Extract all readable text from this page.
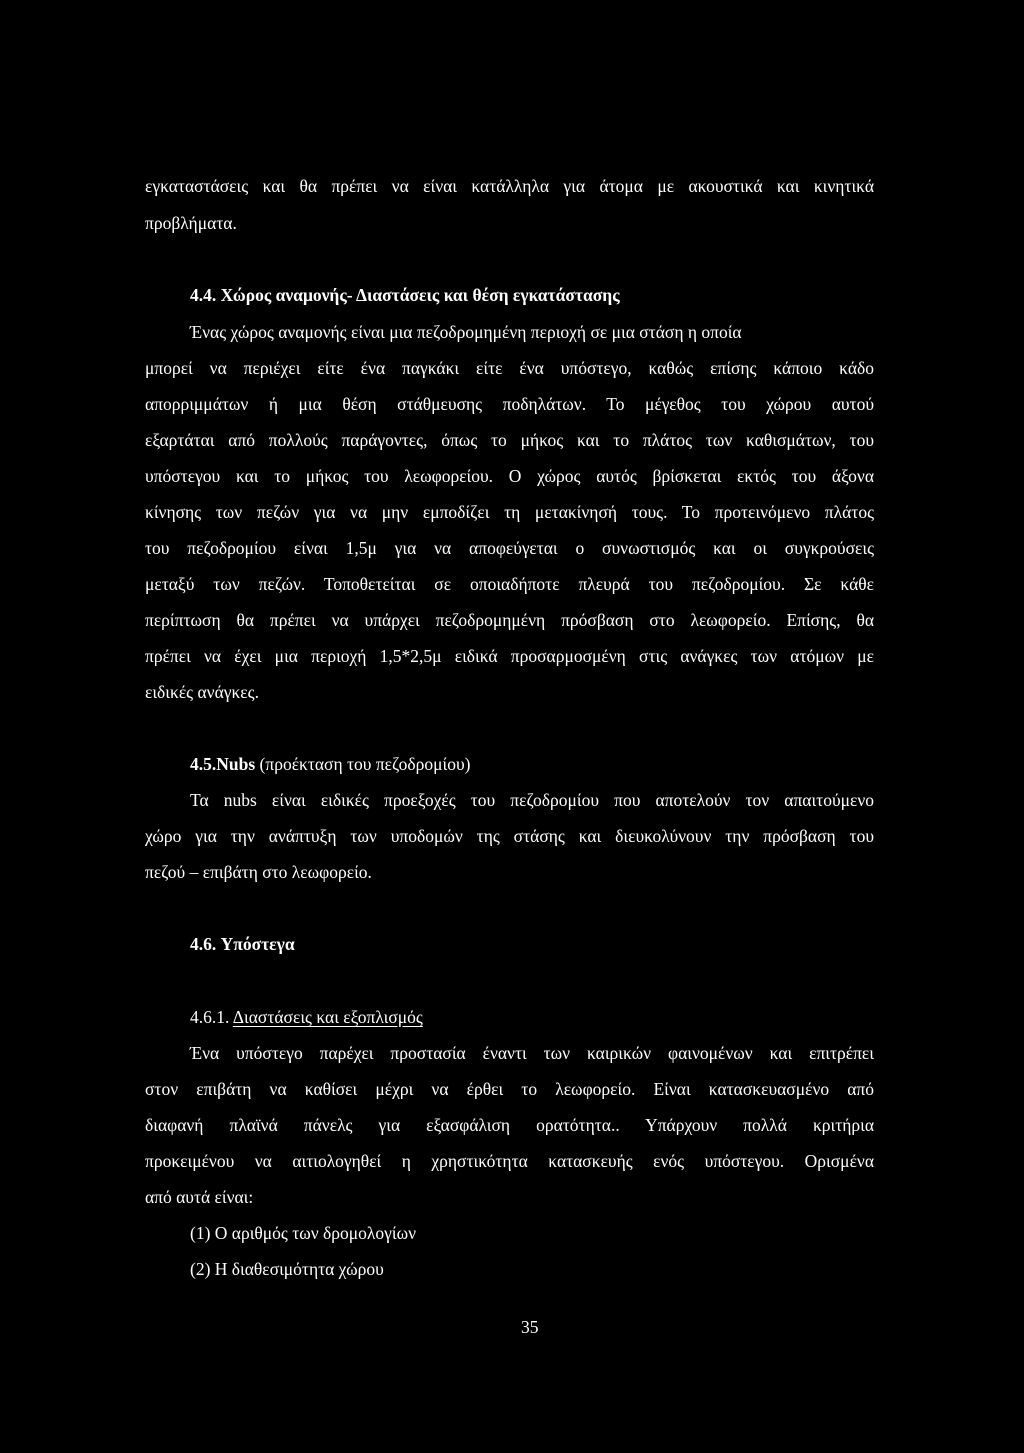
εγκαταστάσεις και θα πρέπει να είναι κατάλληλα για άτομα με ακουστικά και κινητικά
προβλήματα.
4.4. Χώρος αναμονής- Διαστάσεις και θέση εγκατάστασης
Ένας χώρος αναμονής είναι μια πεζοδρομημένη περιοχή σε μια στάση η οποία
μπορεί να περιέχει είτε ένα παγκάκι είτε ένα υπόστεγο, καθώς επίσης κάποιο κάδο
απορριμμάτων ή μια θέση στάθμευσης ποδηλάτων. Το μέγεθος του χώρου αυτού
εξαρτάται από πολλούς παράγοντες, όπως το μήκος και το πλάτος των καθισμάτων, του
υπόστεγου και το μήκος του λεωφορείου. Ο χώρος αυτός βρίσκεται εκτός του άξονα
κίνησης των πεζών για να μην εμποδίζει τη μετακίνησή τους. Το προτεινόμενο πλάτος
του πεζοδρομίου είναι 1,5μ για να αποφεύγεται ο συνωστισμός και οι συγκρούσεις
μεταξύ των πεζών. Τοποθετείται σε οποιαδήποτε πλευρά του πεζοδρομίου. Σε κάθε
περίπτωση θα πρέπει να υπάρχει πεζοδρομημένη πρόσβαση στο λεωφορείο. Επίσης, θα
πρέπει να έχει μια περιοχή 1,5*2,5μ ειδικά προσαρμοσμένη στις ανάγκες των ατόμων με
ειδικές ανάγκες.
4.5.Nubs (προέκταση του πεζοδρομίου)
Τα nubs είναι ειδικές προεξοχές του πεζοδρομίου που αποτελούν τον απαιτούμενο
χώρο για την ανάπτυξη των υποδομών της στάσης και διευκολύνουν την πρόσβαση του
πεζού – επιβάτη στο λεωφορείο.
4.6. Υπόστεγα
4.6.1. Διαστάσεις και εξοπλισμός
Ένα υπόστεγο παρέχει προστασία έναντι των καιρικών φαινομένων και επιτρέπει
στον επιβάτη να καθίσει μέχρι να έρθει το λεωφορείο. Είναι κατασκευασμένο από
διαφανή πλαϊνά πάνελς για εξασφάλιση ορατότητα.. Υπάρχουν πολλά κριτήρια
προκειμένου να αιτιολογηθεί η χρηστικότητα κατασκευής ενός υπόστεγου. Ορισμένα
από αυτά είναι:
(1) Ο αριθμός των δρομολογίων
(2) Η διαθεσιμότητα χώρου
35
